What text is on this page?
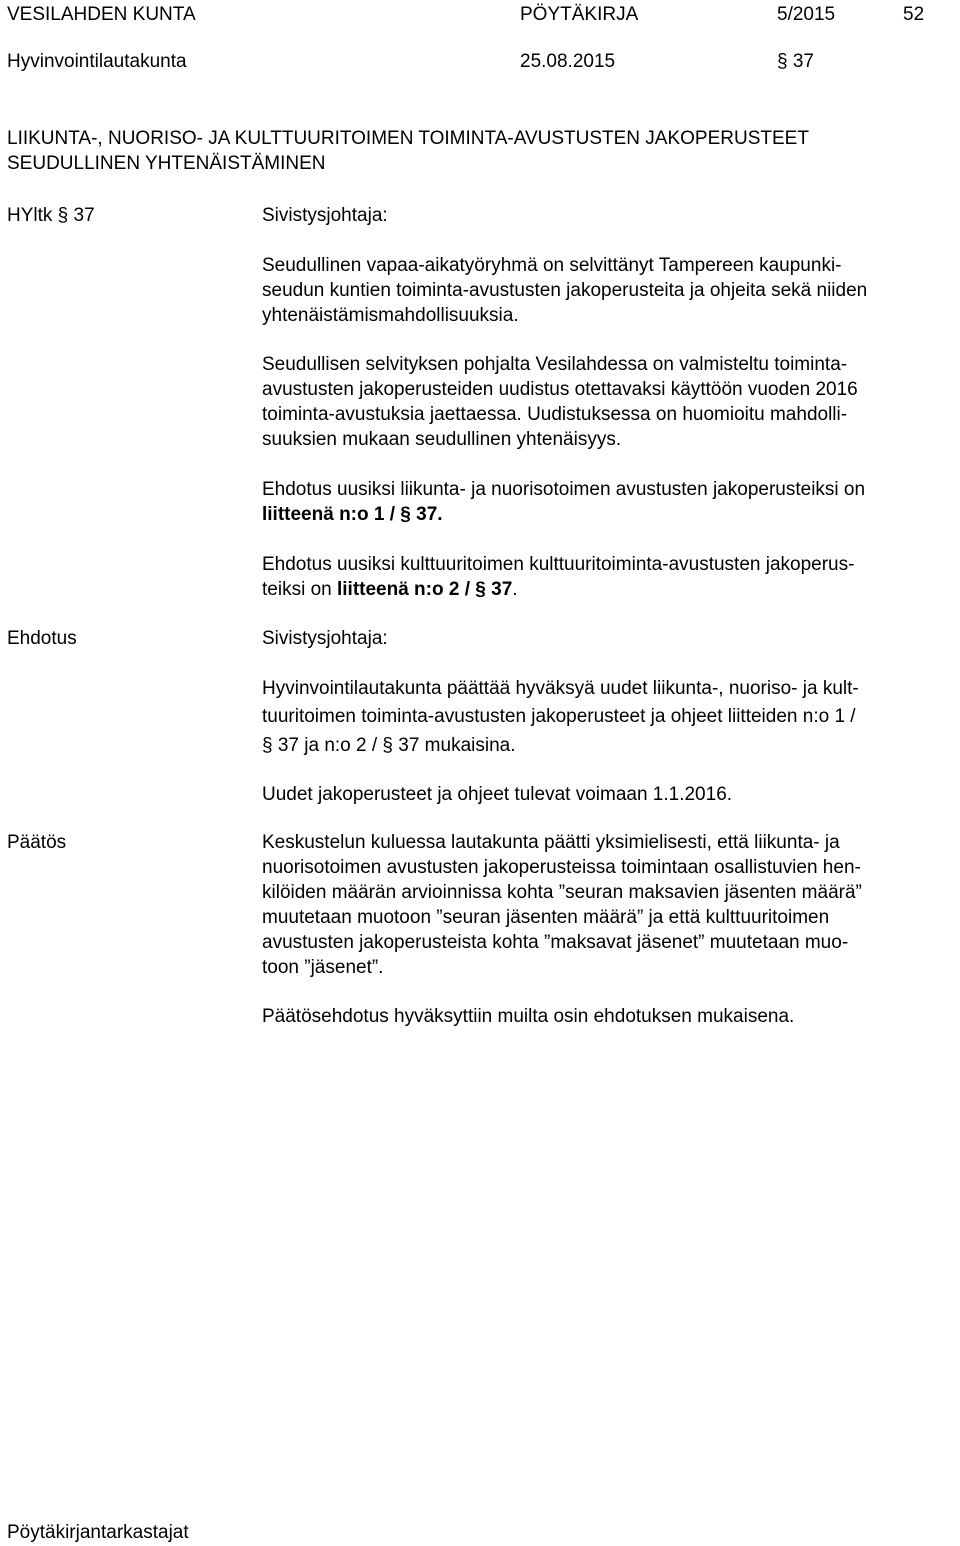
VESILAHDEN KUNTA	PÖYTÄKIRJA	5/2015	52
Hyvinvointilautakunta	25.08.2015	§ 37
LIIKUNTA-, NUORISO- JA KULTTUURITOIMEN TOIMINTA-AVUSTUSTEN JAKOPERUSTEET
SEUDULLINEN YHTENÄISTÄMINEN
HYltk § 37	Sivistysjohtaja:
Seudullinen vapaa-aikatyöryhmä on selvittänyt Tampereen kaupunki-
seudun kuntien toiminta-avustusten jakoperusteita ja ohjeita sekä niiden
yhtenäistämismahdollisuuksia.
Seudullisen selvityksen pohjalta Vesilahdessa on valmisteltu toiminta-
avustusten jakoperusteiden uudistus otettavaksi käyttöön vuoden 2016
toiminta-avustuksia jaettaessa. Uudistuksessa on huomioitu mahdolli-
suuksien mukaan seudullinen yhtenäisyys.
Ehdotus uusiksi liikunta- ja nuorisotoimen avustusten jakoperusteiksi on
liitteenä n:o 1 / § 37.
Ehdotus uusiksi kulttuuritoimen kulttuuritoiminta-avustusten jakoperus-
teiksi on liitteenä n:o 2 / § 37.
Ehdotus	Sivistysjohtaja:
Hyvinvointilautakunta päättää hyväksyä uudet liikunta-, nuoriso- ja kult-
tuuritoimen toiminta-avustusten jakoperusteet ja ohjeet liitteiden n:o 1 /
§ 37 ja n:o 2 / § 37 mukaisina.
Uudet jakoperusteet ja ohjeet tulevat voimaan 1.1.2016.
Päätös	Keskustelun kuluessa lautakunta päätti yksimielisesti, että liikunta- ja
nuorisotoimen avustusten jakoperusteissa toimintaan osallistuvien hen-
kilöiden määrän arvioinnissa kohta ”seuran maksavien jäsenten määrä”
muutetaan muotoon ”seuran jäsenten määrä” ja että kulttuuritoimen
avustusten jakoperusteista kohta ”maksavat jäsenet” muutetaan muo-
toon ”jäsenet”.
Päätösehdotus hyväksyttiin muilta osin ehdotuksen mukaisena.
Pöytäkirjantarkastajat
